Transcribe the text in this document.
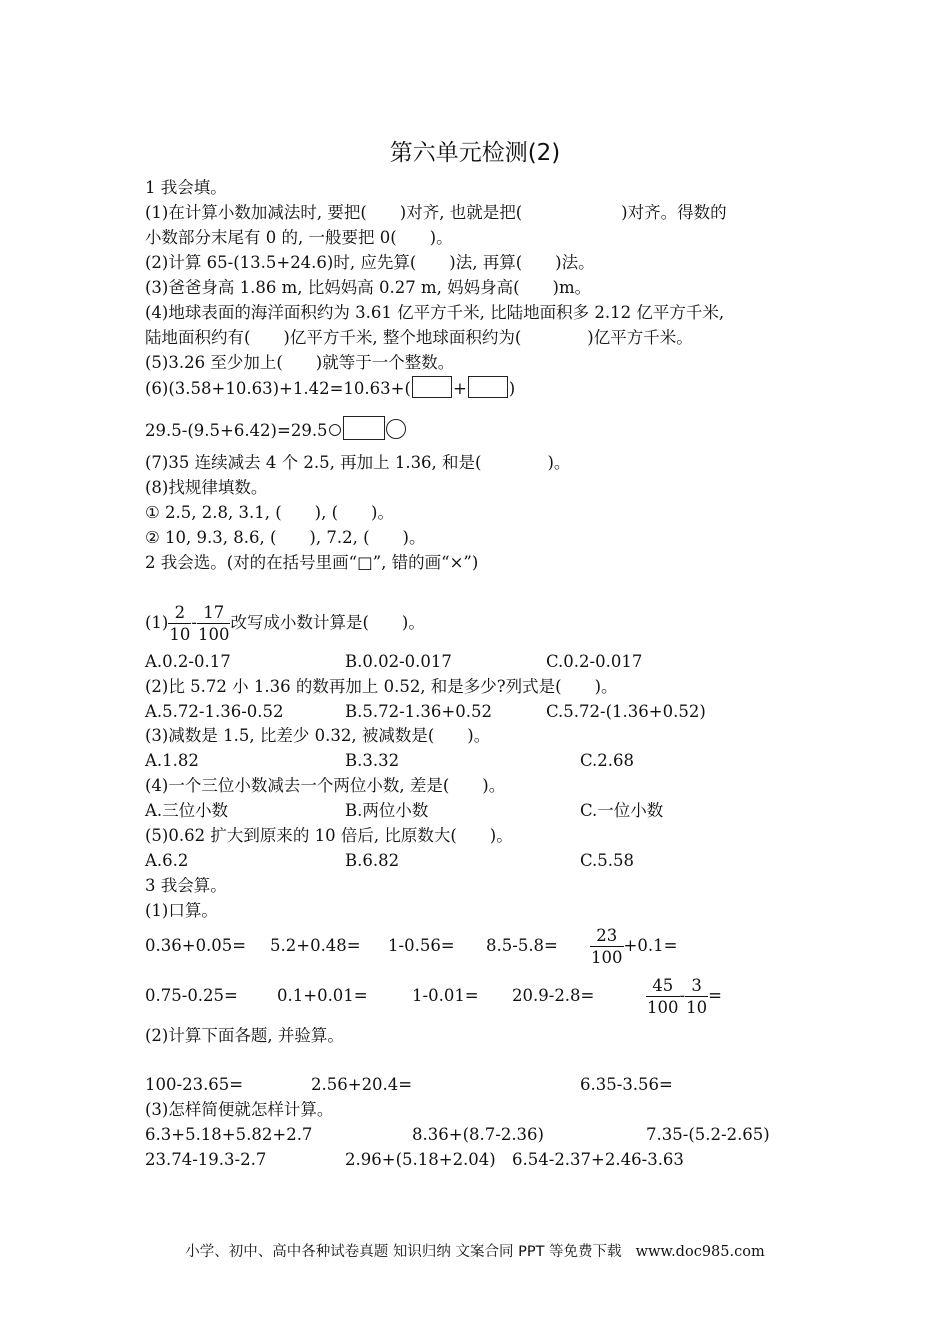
第六单元检测(2)
1 我会填。
(1)在计算小数加减法时, 要把(　　)对齐, 也就是把(　　　　　　)对齐。得数的
小数部分末尾有 0 的, 一般要把 0(　　)。
(2)计算 65-(13.5+24.6)时, 应先算(　　)法, 再算(　　)法。
(3)爸爸身高 1.86 m, 比妈妈高 0.27 m, 妈妈身高(　　)m。
(4)地球表面的海洋面积约为 3.61 亿平方千米, 比陆地面积多 2.12 亿平方千米,
陆地面积约有(　　)亿平方千米, 整个地球面积约为(　　　　)亿平方千米。
(5)3.26 至少加上(　　)就等于一个整数。
(6)(3.58+10.63)+1.42=10.63+(	+	)
29.5-(9.5+6.42)=29.5
(7)35 连续减去 4 个 2.5, 再加上 1.36, 和是(　　　　)。
(8)找规律填数。
① 2.5, 2.8, 3.1, (　　), (　　)。
② 10, 9.3, 8.6, (　　), 7.2, (　　)。
2 我会选。(对的在括号里画“□”, 错的画“×”)
$(1) \frac{2}{10} - \frac{17}{100}$ 改写成小数计算是(　　)。
A.0.2-0.17	B.0.02-0.017	C.0.2-0.017
(2)比 5.72 小 1.36 的数再加上 0.52, 和是多少?列式是(　　)。
A.5.72-1.36-0.52	B.5.72-1.36+0.52	C.5.72-(1.36+0.52)
(3)减数是 1.5, 比差少 0.32, 被减数是(　　)。
A.1.82	B.3.32	C.2.68
(4)一个三位小数减去一个两位小数, 差是(　　)。
A.三位小数	B.两位小数	C.一位小数
(5)0.62 扩大到原来的 10 倍后, 比原数大(　　)。
A.6.2	B.6.82	C.5.58
3 我会算。
(1)口算。
$0.36+0.05= 5.2+0.48= 1-0.56= 8.5-5.8= \frac{23}{100} +0.1=$
0.75-0.25= 0.1+0.01=	1-0.01= 20.9-2.8=	$\frac{45}{100} - \frac{3}{10}$ =
(2)计算下面各题, 并验算。
100-23.65=	2.56+20.4=	6.35-3.56=
(3)怎样简便就怎样计算。
6.3+5.18+5.82+2.7	8.36+(8.7-2.36)	7.35-(5.2-2.65)
23.74-19.3-2.7	2.96+(5.18+2.04) 6.54-2.37+2.46-3.63
小学、初中、高中各种试卷真题 知识归纳 文案合同 PPT 等免费下载 www.doc985.com
